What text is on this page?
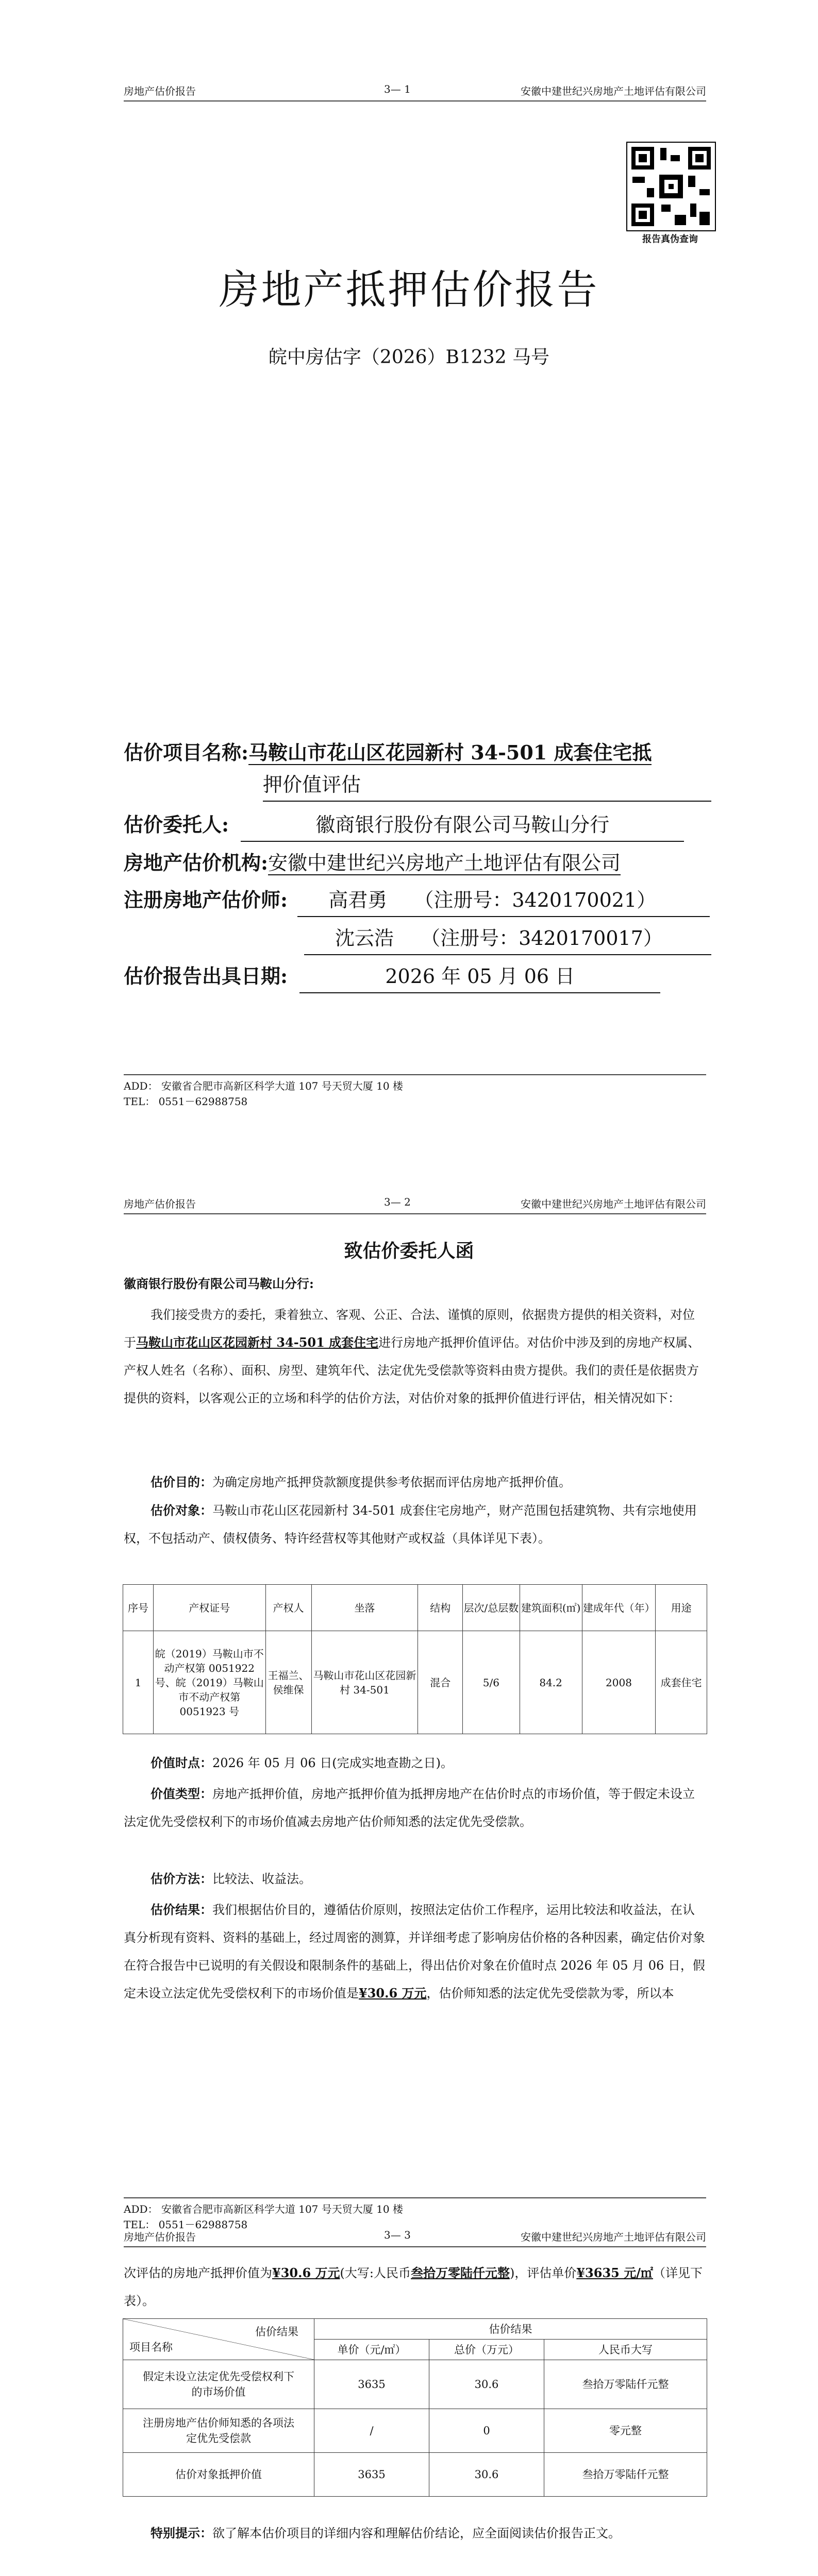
房地产估价报告	3— 1	安徽中建世纪兴房地产土地评估有限公司
报告真伪查询
房地产抵押估价报告
皖中房估字（2026）B1232 马号
估价项目名称:马鞍山市花山区花园新村 34-501 成套住宅抵
押价值评估
估价委托人:	徽商银行股份有限公司马鞍山分行
房地产估价机构:安徽中建世纪兴房地产土地评估有限公司
注册房地产估价师: 高君勇 （注册号：3420170021）
沈云浩 （注册号：3420170017）
估价报告出具日期:	2026 年 05 月 06 日
ADD： 安徽省合肥市高新区科学大道 107 号天贸大厦 10 楼
TEL： 0551－62988758
房地产估价报告	3— 2	安徽中建世纪兴房地产土地评估有限公司
致估价委托人函
徽商银行股份有限公司马鞍山分行:
我们接受贵方的委托，秉着独立、客观、公正、合法、谨慎的原则，依据贵方提供的相关资料，对位于马鞍山市花山区花园新村 34-501 成套住宅进行房地产抵押价值评估。对估价中涉及到的房地产权属、产权人姓名（名称）、面积、房型、建筑年代、法定优先受偿款等资料由贵方提供。我们的责任是依据贵方提供的资料，以客观公正的立场和科学的估价方法，对估价对象的抵押价值进行评估，相关情况如下：
估价目的：为确定房地产抵押贷款额度提供参考依据而评估房地产抵押价值。
估价对象：马鞍山市花山区花园新村 34-501 成套住宅房地产，财产范围包括建筑物、共有宗地使用权，不包括动产、债权债务、特许经营权等其他财产或权益（具体详见下表）。
序号	产权证号	产权人	坐落	结构	层次/总层数	建筑面积(㎡)	建成年代（年）	用途
1	皖（2019）马鞍山市不动产权第 0051922 号、皖（2019）马鞍山市不动产权第 0051923 号	王福兰、侯维保	马鞍山市花山区花园新村 34-501	混合	5/6	84.2	2008	成套住宅
价值时点：2026 年 05 月 06 日(完成实地查勘之日)。
价值类型：房地产抵押价值，房地产抵押价值为抵押房地产在估价时点的市场价值，等于假定未设立法定优先受偿权利下的市场价值减去房地产估价师知悉的法定优先受偿款。
估价方法：比较法、收益法。
估价结果：我们根据估价目的，遵循估价原则，按照法定估价工作程序，运用比较法和收益法，在认真分析现有资料、资料的基础上，经过周密的测算，并详细考虑了影响房估价格的各种因素，确定估价对象在符合报告中已说明的有关假设和限制条件的基础上，得出估价对象在价值时点 2026 年 05 月 06 日，假定未设立法定优先受偿权利下的市场价值是¥30.6 万元，估价师知悉的法定优先受偿款为零，所以本
ADD： 安徽省合肥市高新区科学大道 107 号天贸大厦 10 楼
TEL： 0551－62988758
房地产估价报告	3— 3	安徽中建世纪兴房地产土地评估有限公司
次评估的房地产抵押价值为¥30.6 万元(大写:人民币叁拾万零陆仟元整)，评估单价¥3635 元/㎡（详见下表）。
估价结果
项目名称	估价结果		
	单价（元/㎡）	总价（万元）	人民币大写
假定未设立法定优先受偿权利下的市场价值	3635	30.6	叁拾万零陆仟元整
注册房地产估价师知悉的各项法定优先受偿款	/	0	零元整
估价对象抵押价值	3635	30.6	叁拾万零陆仟元整
特别提示：欲了解本估价项目的详细内容和理解估价结论，应全面阅读估价报告正文。
